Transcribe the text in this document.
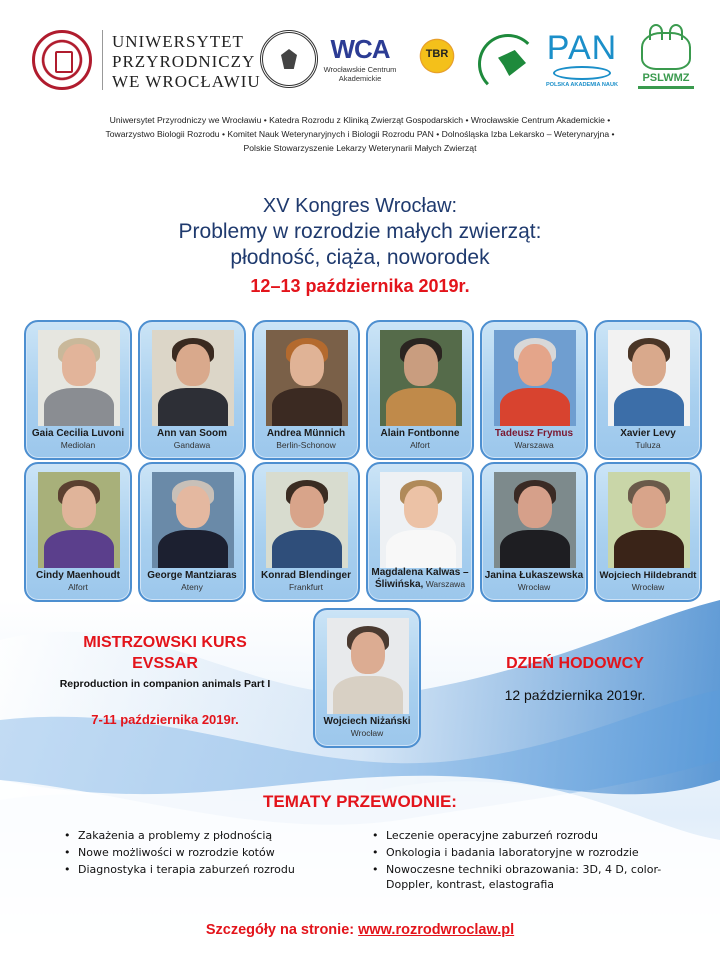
UNIWERSYTET PRZYRODNICZY WE WROCŁAWIU
WCA
Wrocławskie Centrum Akademickie
TBR	PAN
POLSKA AKADEMIA NAUK
PSLWMZ
Uniwersytet Przyrodniczy we Wrocławiu • Katedra Rozrodu z Kliniką Zwierząt Gospodarskich • Wrocławskie Centrum Akademickie •
Towarzystwo Biologii Rozrodu • Komitet Nauk Weterynaryjnych i Biologii Rozrodu PAN • Dolnośląska Izba Lekarsko – Weterynaryjna •
Polskie Stowarzyszenie Lekarzy Weterynarii Małych Zwierząt
XV Kongres Wrocław:
Problemy w rozrodzie małych zwierząt:
płodność, ciąża, noworodek
12–13 października 2019r.
Gaia Cecilia Luvoni
Mediolan
Ann van Soom
Gandawa
Andrea Münnich
Berlin-Schonow
Alain Fontbonne
Alfort
Tadeusz Frymus
Warszawa
Xavier Levy
Tuluza
Cindy Maenhoudt
Alfort
George Mantziaras
Ateny
Konrad Blendinger
Frankfurt
Magdalena Kalwas –
Śliwińska, Warszawa
Janina Łukaszewska
Wrocław
Wojciech Hildebrandt
Wrocław
Wojciech Niżański
Wrocław
MISTRZOWSKI KURS
EVSSAR
Reproduction in companion animals Part I
7-11 października 2019r.
DZIEŃ HODOWCY
12 października 2019r.
TEMATY PRZEWODNIE:
• Zakażenia a problemy z płodnością
• Nowe możliwości w rozrodzie kotów
• Diagnostyka i terapia zaburzeń rozrodu
• Leczenie operacyjne zaburzeń rozrodu
• Onkologia i badania laboratoryjne w rozrodzie
• Nowoczesne techniki obrazowania: 3D, 4 D, color-Doppler, kontrast, elastografia
Szczegóły na stronie: www.rozrodwroclaw.pl
